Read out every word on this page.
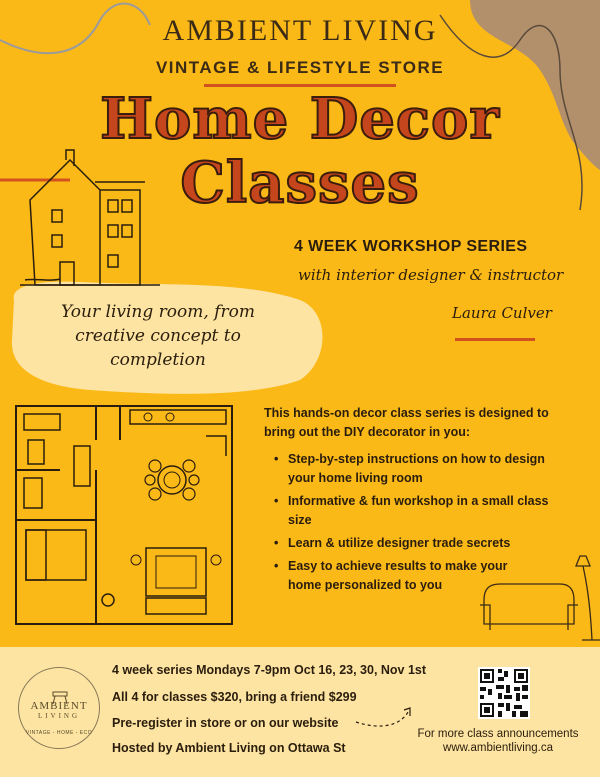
AMBIENT LIVING
VINTAGE & LIFESTYLE STORE
Home Decor
Classes
4 WEEK WORKSHOP SERIES
with interior designer & instructor
Laura Culver
Your living room, from
creative concept to
completion
This hands-on decor class series is designed to
bring out the DIY decorator in you:
• Step-by-step instructions on how to design
your home living room
• Informative & fun workshop in a small class
size
• Learn & utilize designer trade secrets
• Easy to achieve results to make your
home personalized to you
AMBIENT
LIVING
VINTAGE - HOME - ECO
4 week series Mondays 7-9pm Oct 16, 23, 30, Nov 1st
All 4 for classes $320, bring a friend $299
Pre-register in store or on our website
Hosted by Ambient Living on Ottawa St
For more class announcements
www.ambientliving.ca
